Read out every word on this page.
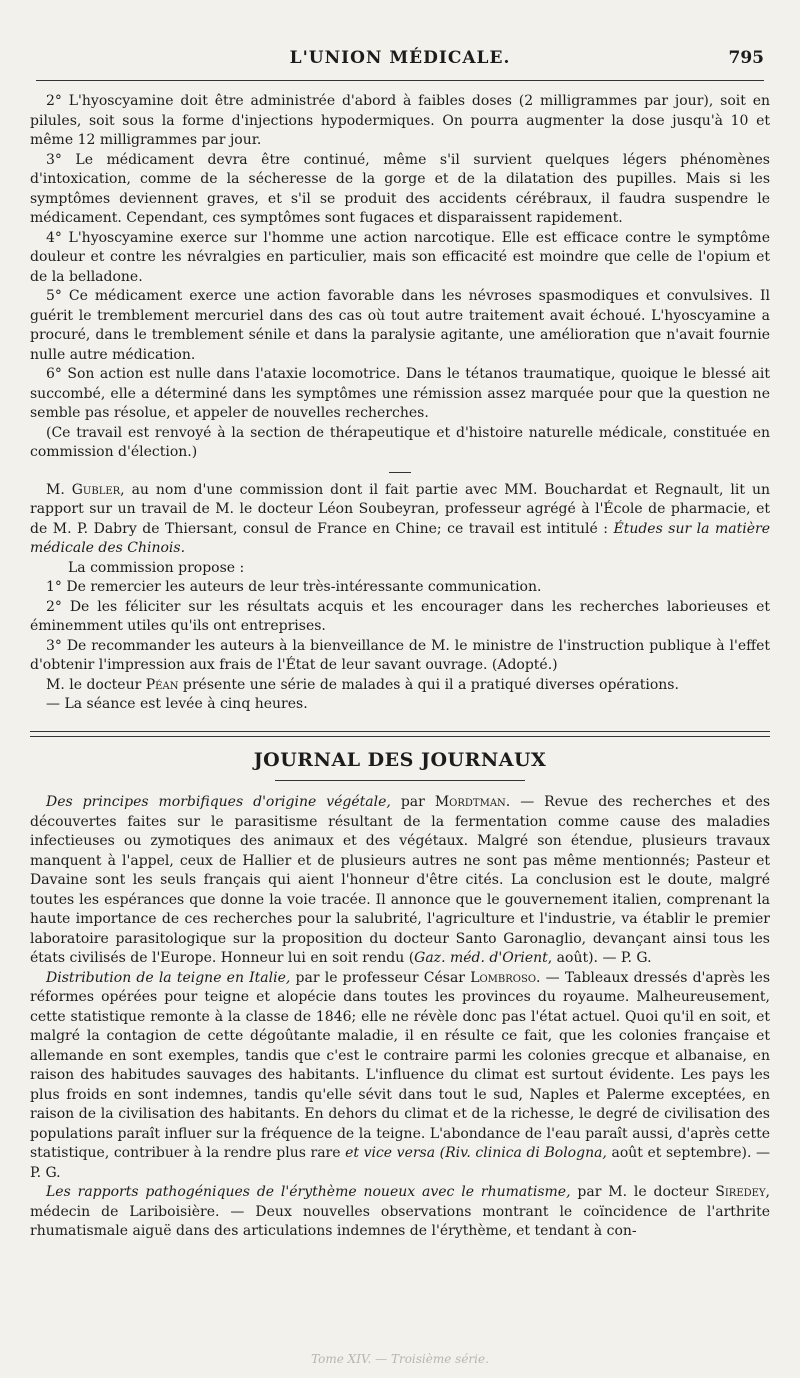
L'UNION MÉDICALE.	795

2° L'hyoscyamine doit être administrée d'abord à faibles doses (2 milligrammes par jour), soit en pilules, soit sous la forme d'injections hypodermiques. On pourra augmenter la dose jusqu'à 10 et même 12 milligrammes par jour.

3° Le médicament devra être continué, même s'il survient quelques légers phénomènes d'intoxication, comme de la sécheresse de la gorge et de la dilatation des pupilles. Mais si les symptômes deviennent graves, et s'il se produit des accidents cérébraux, il faudra suspendre le médicament. Cependant, ces symptômes sont fugaces et disparaissent rapidement.

4° L'hyoscyamine exerce sur l'homme une action narcotique. Elle est efficace contre le symptôme douleur et contre les névralgies en particulier, mais son efficacité est moindre que celle de l'opium et de la belladone.

5° Ce médicament exerce une action favorable dans les névroses spasmodiques et convulsives. Il guérit le tremblement mercuriel dans des cas où tout autre traitement avait échoué. L'hyoscyamine a procuré, dans le tremblement sénile et dans la paralysie agitante, une amélioration que n'avait fournie nulle autre médication.

6° Son action est nulle dans l'ataxie locomotrice. Dans le tétanos traumatique, quoique le blessé ait succombé, elle a déterminé dans les symptômes une rémission assez marquée pour que la question ne semble pas résolue, et appeler de nouvelles recherches.

(Ce travail est renvoyé à la section de thérapeutique et d'histoire naturelle médicale, constituée en commission d'élection.)

M. Gubler, au nom d'une commission dont il fait partie avec MM. Bouchardat et Regnault, lit un rapport sur un travail de M. le docteur Léon Soubeyran, professeur agrégé à l'École de pharmacie, et de M. P. Dabry de Thiersant, consul de France en Chine; ce travail est intitulé : Études sur la matière médicale des Chinois.

La commission propose :

1° De remercier les auteurs de leur très-intéressante communication.

2° De les féliciter sur les résultats acquis et les encourager dans les recherches laborieuses et éminemment utiles qu'ils ont entreprises.

3° De recommander les auteurs à la bienveillance de M. le ministre de l'instruction publique à l'effet d'obtenir l'impression aux frais de l'État de leur savant ouvrage. (Adopté.)

M. le docteur Péan présente une série de malades à qui il a pratiqué diverses opérations.

— La séance est levée à cinq heures.

JOURNAL DES JOURNAUX

Des principes morbifiques d'origine végétale, par Mordtman. — Revue des recherches et des découvertes faites sur le parasitisme résultant de la fermentation comme cause des maladies infectieuses ou zymotiques des animaux et des végétaux. Malgré son étendue, plusieurs travaux manquent à l'appel, ceux de Hallier et de plusieurs autres ne sont pas même mentionnés; Pasteur et Davaine sont les seuls français qui aient l'honneur d'être cités. La conclusion est le doute, malgré toutes les espérances que donne la voie tracée. Il annonce que le gouvernement italien, comprenant la haute importance de ces recherches pour la salubrité, l'agriculture et l'industrie, va établir le premier laboratoire parasitologique sur la proposition du docteur Santo Garonaglio, devançant ainsi tous les états civilisés de l'Europe. Honneur lui en soit rendu (Gaz. méd. d'Orient, août). — P. G.

Distribution de la teigne en Italie, par le professeur César Lombroso. — Tableaux dressés d'après les réformes opérées pour teigne et alopécie dans toutes les provinces du royaume. Malheureusement, cette statistique remonte à la classe de 1846; elle ne révèle donc pas l'état actuel. Quoi qu'il en soit, et malgré la contagion de cette dégoûtante maladie, il en résulte ce fait, que les colonies française et allemande en sont exemples, tandis que c'est le contraire parmi les colonies grecque et albanaise, en raison des habitudes sauvages des habitants. L'influence du climat est surtout évidente. Les pays les plus froids en sont indemnes, tandis qu'elle sévit dans tout le sud, Naples et Palerme exceptées, en raison de la civilisation des habitants. En dehors du climat et de la richesse, le degré de civilisation des populations paraît influer sur la fréquence de la teigne. L'abondance de l'eau paraît aussi, d'après cette statistique, contribuer à la rendre plus rare et vice versa (Riv. clinica di Bologna, août et septembre). — P. G.

Les rapports pathogéniques de l'érythème noueux avec le rhumatisme, par M. le docteur Siredey, médecin de Lariboisière. — Deux nouvelles observations montrant le coïncidence de l'arthrite rhumatismale aiguë dans des articulations indemnes de l'érythème, et tendant à con-

Tome XIV. — Troisième série.
